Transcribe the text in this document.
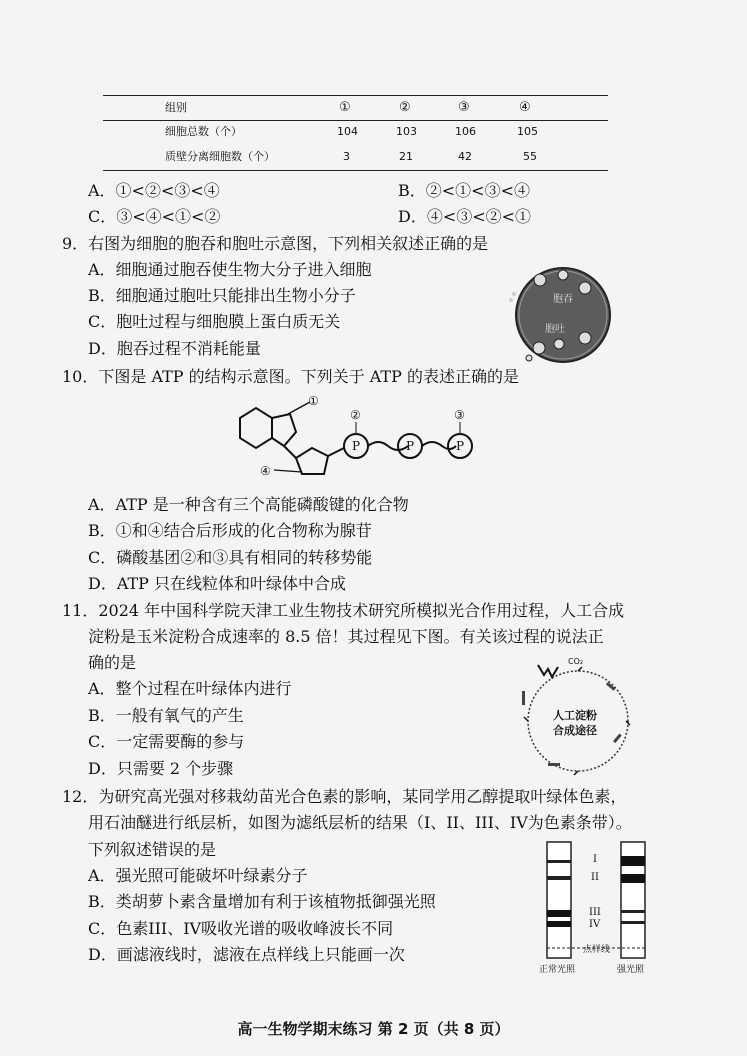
组别	①	②	③	④
细胞总数（个）	104	103	106	105
质壁分离细胞数（个）	3	21	42	55
A．①<②<③<④	B．②<①<③<④
C．③<④<①<②	D．④<③<②<①
9．右图为细胞的胞吞和胞吐示意图，下列相关叙述正确的是
A．细胞通过胞吞使生物大分子进入细胞
B．细胞通过胞吐只能排出生物小分子
C．胞吐过程与细胞膜上蛋白质无关
D．胞吞过程不消耗能量
胞吞
胞吐
10．下图是 ATP 的结构示意图。下列关于 ATP 的表述正确的是
①
②	③
④
P	P	P
A．ATP 是一种含有三个高能磷酸键的化合物
B．①和④结合后形成的化合物称为腺苷
C．磷酸基团②和③具有相同的转移势能
D．ATP 只在线粒体和叶绿体中合成
11．2024 年中国科学院天津工业生物技术研究所模拟光合作用过程，人工合成
淀粉是玉米淀粉合成速率的 8.5 倍！其过程见下图。有关该过程的说法正
确的是
A．整个过程在叶绿体内进行
B．一般有氧气的产生
C．一定需要酶的参与
D．只需要 2 个步骤
人工淀粉
合成途径
CO₂
12．为研究高光强对移栽幼苗光合色素的影响，某同学用乙醇提取叶绿体色素，
用石油醚进行纸层析，如图为滤纸层析的结果（I、II、III、IV为色素条带）。
下列叙述错误的是
A．强光照可能破坏叶绿素分子
B．类胡萝卜素含量增加有利于该植物抵御强光照
C．色素III、IV吸收光谱的吸收峰波长不同
D．画滤液线时，滤液在点样线上只能画一次
I
II
III
IV
点样线
正常光照	强光照
高一生物学期末练习 第 2 页（共 8 页）
